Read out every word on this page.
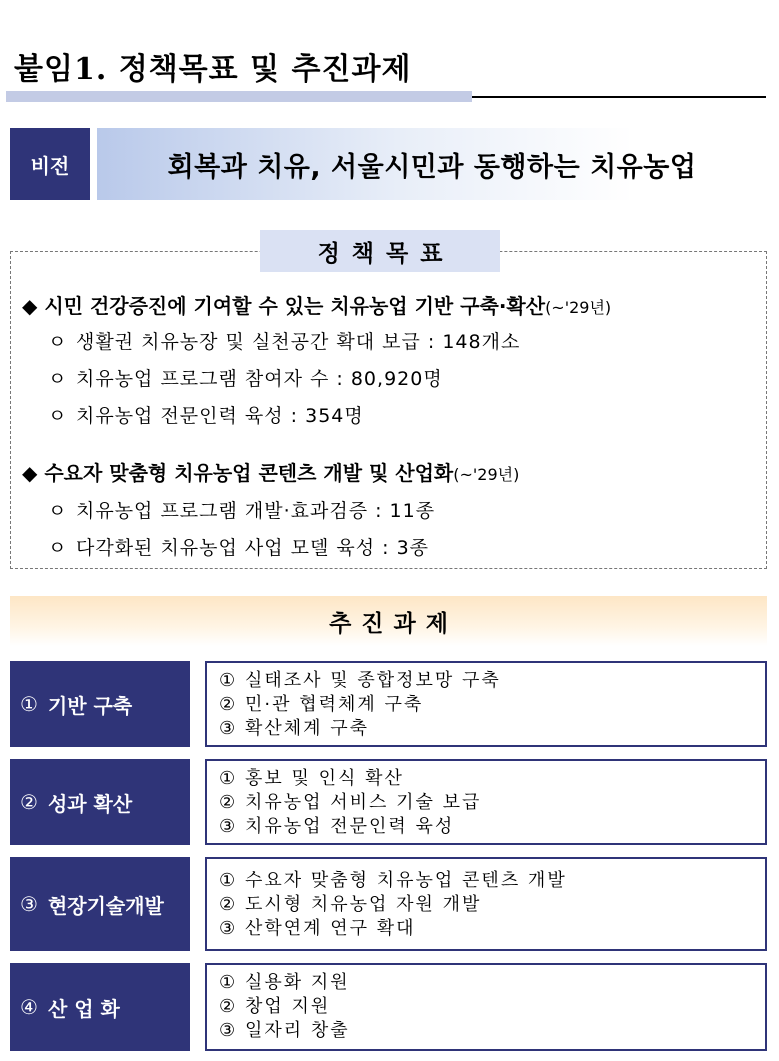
붙임1. 정책목표 및 추진과제
비전	회복과 치유, 서울시민과 동행하는 치유농업
정책목표
◆ 시민 건강증진에 기여할 수 있는 치유농업 기반 구축·확산(~'29년)
ㅇ 생활권 치유농장 및 실천공간 확대 보급 : 148개소
ㅇ 치유농업 프로그램 참여자 수 : 80,920명
ㅇ 치유농업 전문인력 육성 : 354명
◆ 수요자 맞춤형 치유농업 콘텐츠 개발 및 산업화(~'29년)
ㅇ 치유농업 프로그램 개발·효과검증 : 11종
ㅇ 다각화된 치유농업 사업 모델 육성 : 3종
추진과제
① 기반 구축
① 실태조사 및 종합정보망 구축
② 민·관 협력체계 구축
③ 확산체계 구축
② 성과 확산
① 홍보 및 인식 확산
② 치유농업 서비스 기술 보급
③ 치유농업 전문인력 육성
③ 현장기술개발
① 수요자 맞춤형 치유농업 콘텐츠 개발
② 도시형 치유농업 자원 개발
③ 산학연계 연구 확대
④ 산 업 화
① 실용화 지원
② 창업 지원
③ 일자리 창출
